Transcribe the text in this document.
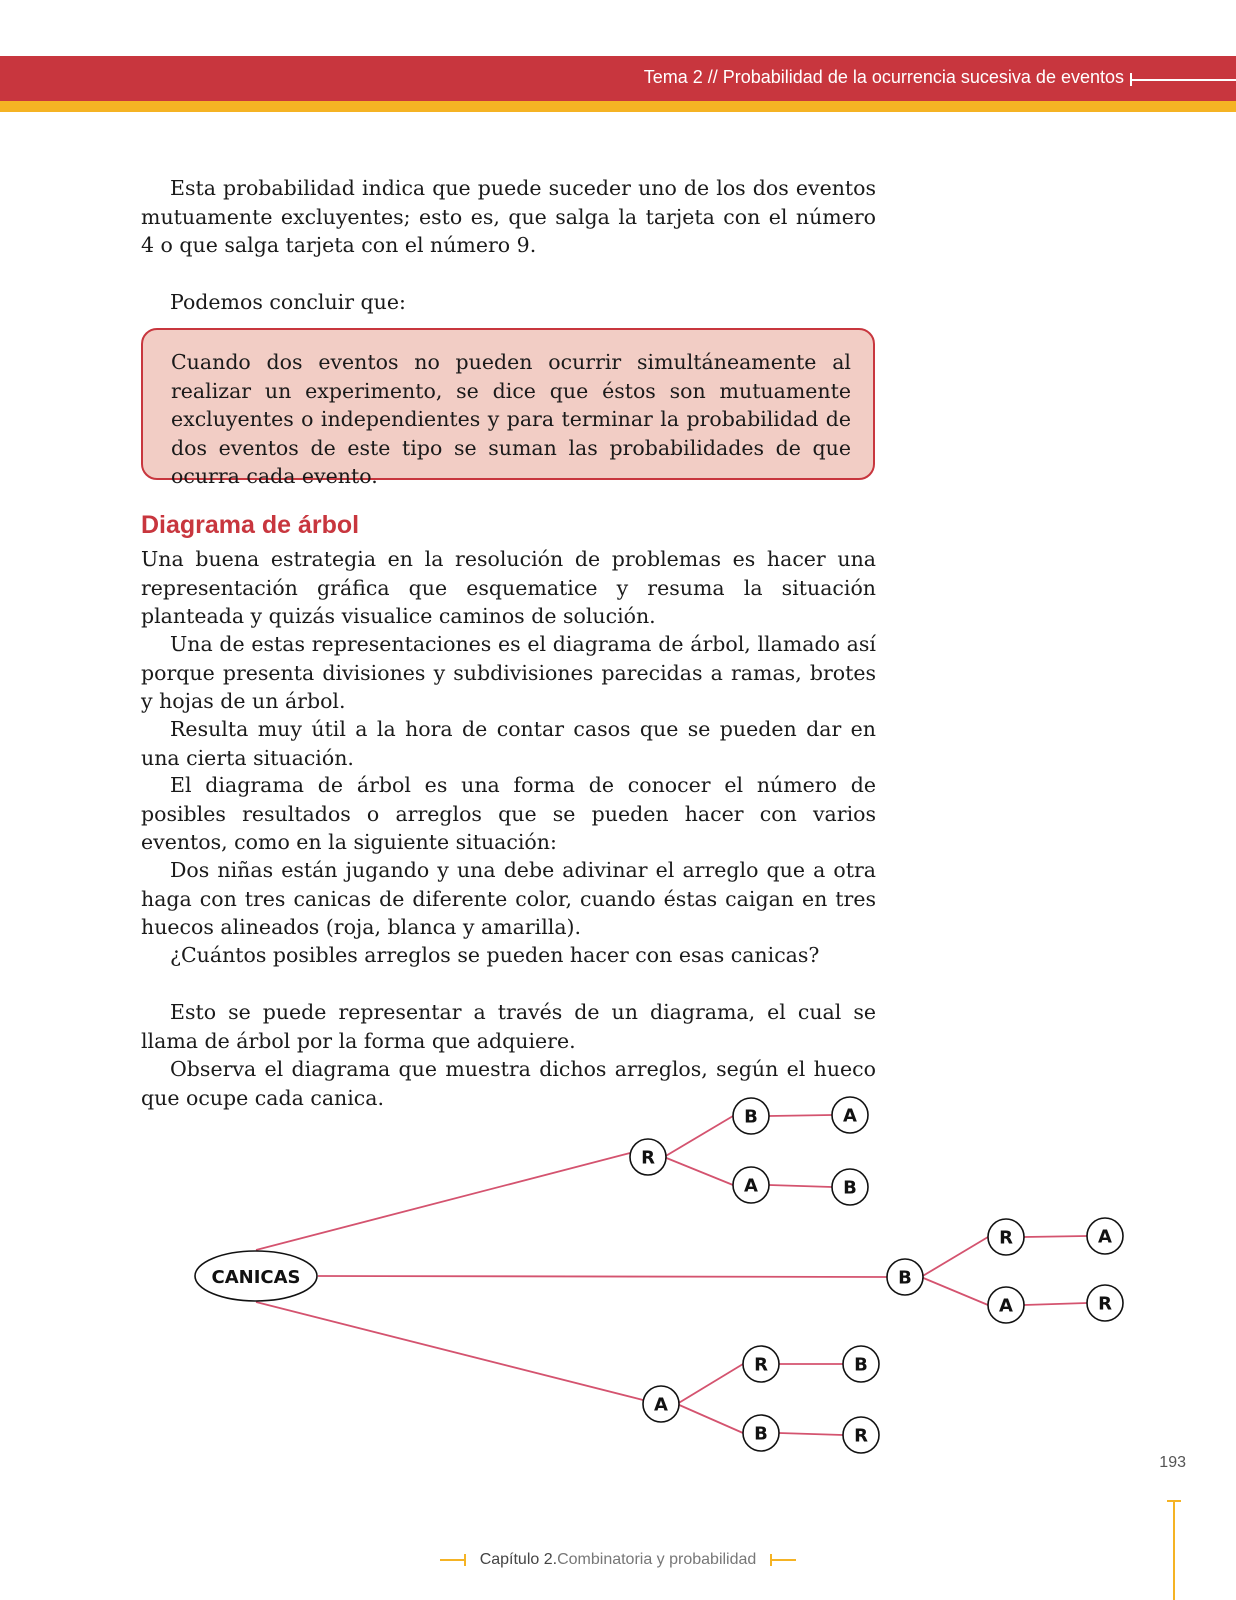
Tema 2 // Probabilidad de la ocurrencia sucesiva de eventos

Esta probabilidad indica que puede suceder uno de los dos eventos mutuamente excluyentes; esto es, que salga la tarjeta con el número 4 o que salga tarjeta con el número 9.

Podemos concluir que:

Cuando dos eventos no pueden ocurrir simultáneamente al realizar un experimento, se dice que éstos son mutuamente excluyentes o independientes y para terminar la probabilidad de dos eventos de este tipo se suman las probabilidades de que ocurra cada evento.

Diagrama de árbol

Una buena estrategia en la resolución de problemas es hacer una representación gráfica que esquematice y resuma la situación planteada y quizás visualice caminos de solución.

Una de estas representaciones es el diagrama de árbol, llamado así porque presenta divisiones y subdivisiones parecidas a ramas, brotes y hojas de un árbol.

Resulta muy útil a la hora de contar casos que se pueden dar en una cierta situación.

El diagrama de árbol es una forma de conocer el número de posibles resultados o arreglos que se pueden hacer con varios eventos, como en la siguiente situación:

Dos niñas están jugando y una debe adivinar el arreglo que a otra haga con tres canicas de diferente color, cuando éstas caigan en tres huecos alineados (roja, blanca y amarilla).

¿Cuántos posibles arreglos se pueden hacer con esas canicas?

Esto se puede representar a través de un diagrama, el cual se llama de árbol por la forma que adquiere.

Observa el diagrama que muestra dichos arreglos, según el hueco que ocupe cada canica.

CANICAS
R
B	A
A	B
B
R	A
A	R
A
R	B
B	R
193
Capítulo 2.Combinatoria y probabilidad
